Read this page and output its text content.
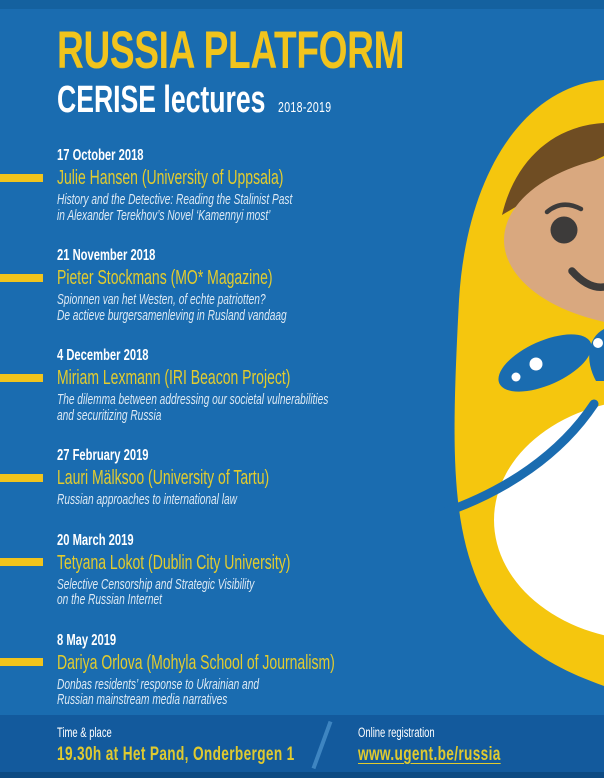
RUSSIA PLATFORM
CERISE lectures 2018-2019
17 October 2018
Julie Hansen (University of Uppsala)
History and the Detective: Reading the Stalinist Past
in Alexander Terekhov’s Novel ‘Kamennyi most’
21 November 2018
Pieter Stockmans (MO* Magazine)
Spionnen van het Westen, of echte patriotten?
De actieve burgersamenleving in Rusland vandaag
4 December 2018
Miriam Lexmann (IRI Beacon Project)
The dilemma between addressing our societal vulnerabilities
and securitizing Russia
27 February 2019
Lauri Mälksoo (University of Tartu)
Russian approaches to international law
20 March 2019
Tetyana Lokot (Dublin City University)
Selective Censorship and Strategic Visibility
on the Russian Internet
8 May 2019
Dariya Orlova (Mohyla School of Journalism)
Donbas residents’ response to Ukrainian and
Russian mainstream media narratives
Time & place
19.30h at Het Pand, Onderbergen 1
Online registration
www.ugent.be/russia
